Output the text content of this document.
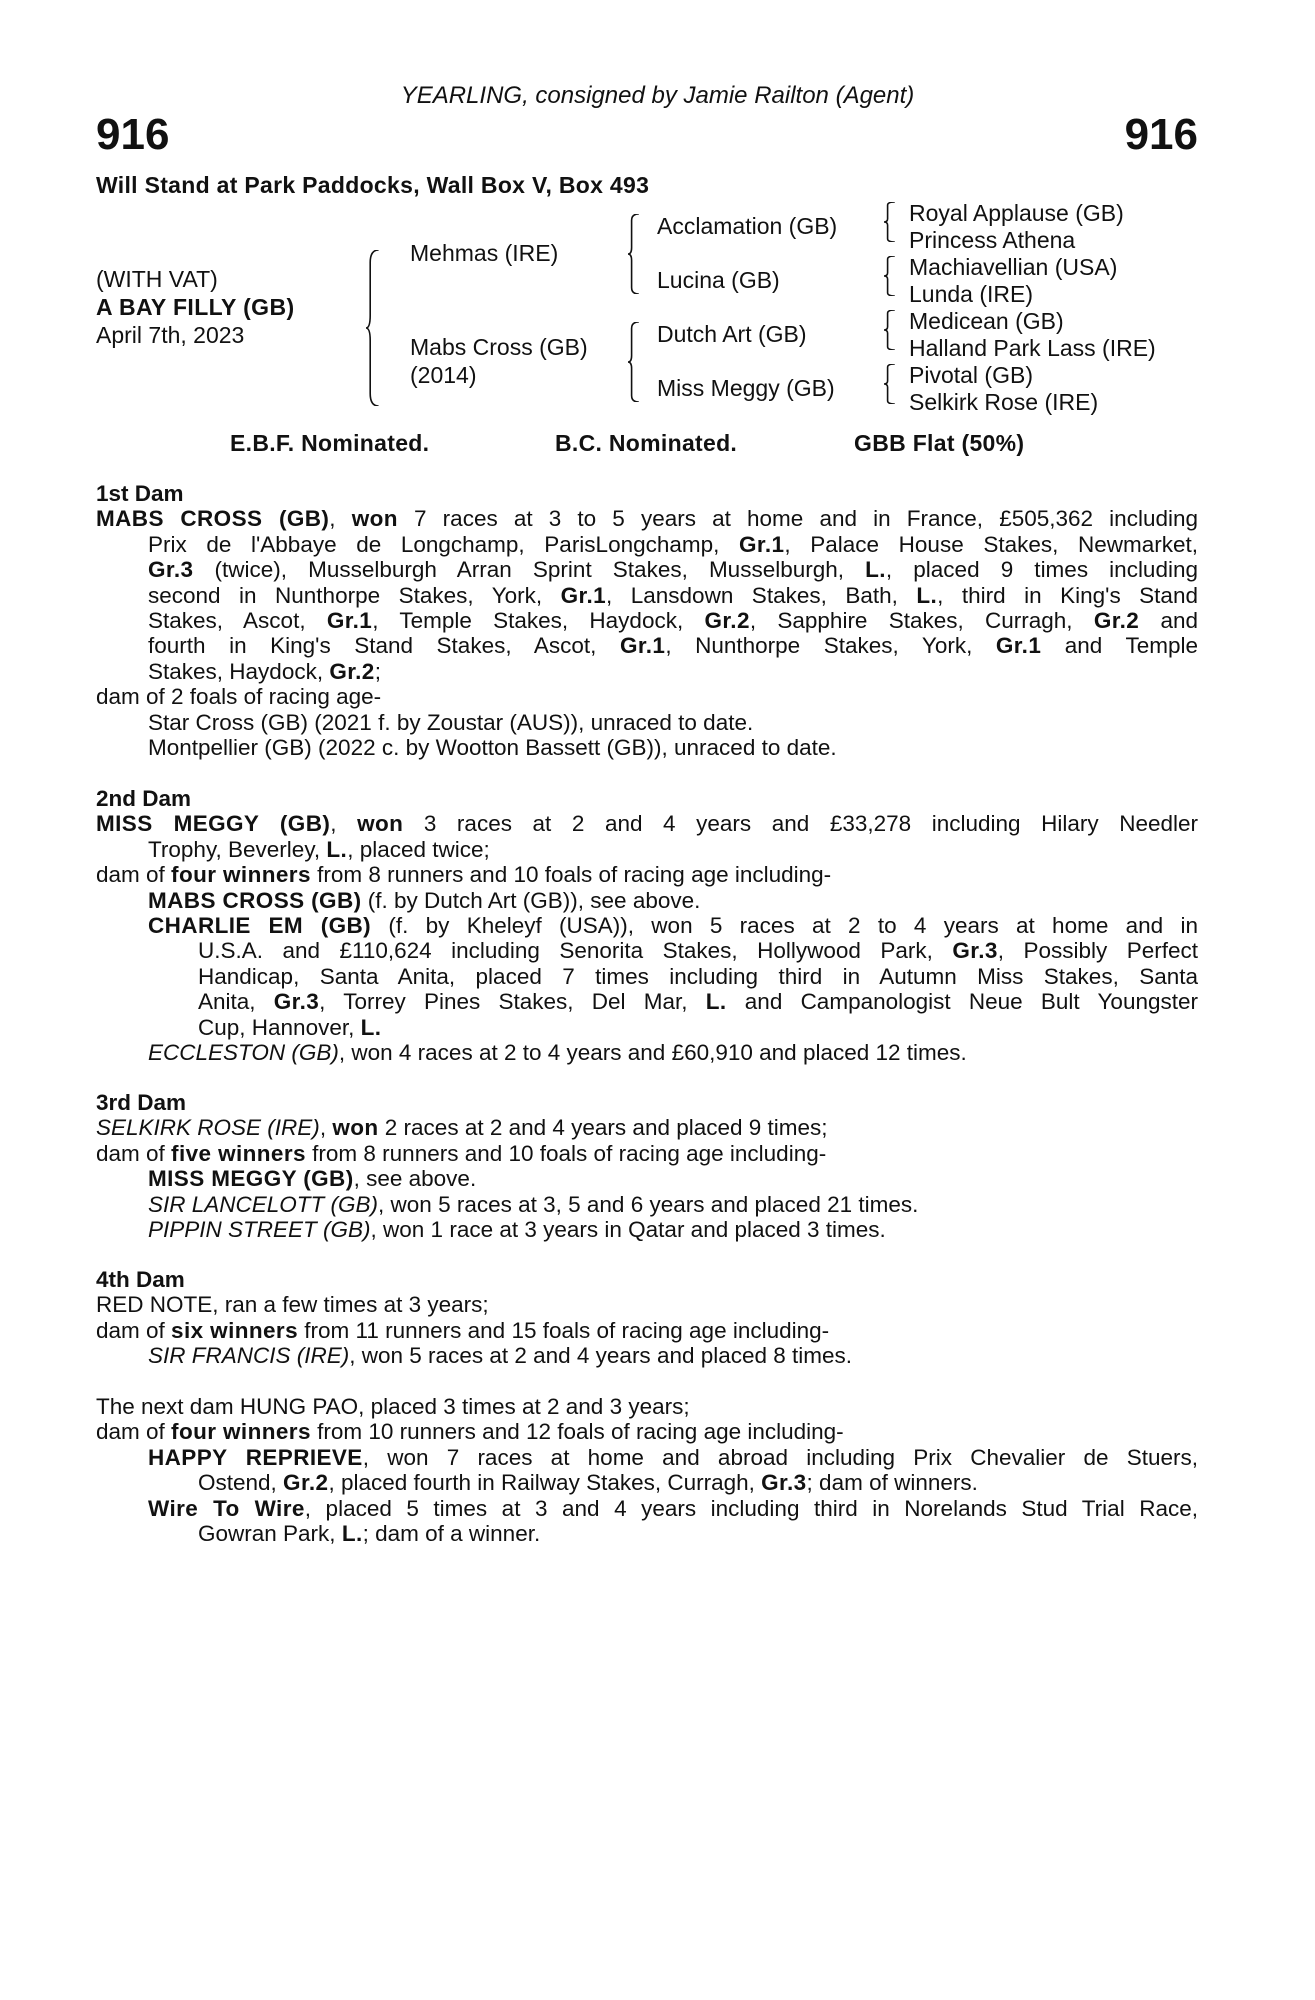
YEARLING, consigned by Jamie Railton (Agent)
916	916
Will Stand at Park Paddocks, Wall Box V, Box 493
(WITH VAT)
A BAY FILLY (GB)
April 7th, 2023
Mehmas (IRE)
Mabs Cross (GB)
(2014)
Acclamation (GB)
Lucina (GB)
Dutch Art (GB)
Miss Meggy (GB)
Royal Applause (GB)
Princess Athena
Machiavellian (USA)
Lunda (IRE)
Medicean (GB)
Halland Park Lass (IRE)
Pivotal (GB)
Selkirk Rose (IRE)
E.B.F. Nominated.	B.C. Nominated.	GBB Flat (50%)
1st Dam
MABS CROSS (GB), won 7 races at 3 to 5 years at home and in France, £505,362 including
Prix de l'Abbaye de Longchamp, ParisLongchamp, Gr.1, Palace House Stakes, Newmarket,
Gr.3 (twice), Musselburgh Arran Sprint Stakes, Musselburgh, L., placed 9 times including
second in Nunthorpe Stakes, York, Gr.1, Lansdown Stakes, Bath, L., third in King's Stand
Stakes, Ascot, Gr.1, Temple Stakes, Haydock, Gr.2, Sapphire Stakes, Curragh, Gr.2 and
fourth in King's Stand Stakes, Ascot, Gr.1, Nunthorpe Stakes, York, Gr.1 and Temple
Stakes, Haydock, Gr.2;
dam of 2 foals of racing age-
Star Cross (GB) (2021 f. by Zoustar (AUS)), unraced to date.
Montpellier (GB) (2022 c. by Wootton Bassett (GB)), unraced to date.
2nd Dam
MISS MEGGY (GB), won 3 races at 2 and 4 years and £33,278 including Hilary Needler
Trophy, Beverley, L., placed twice;
dam of four winners from 8 runners and 10 foals of racing age including-
MABS CROSS (GB) (f. by Dutch Art (GB)), see above.
CHARLIE EM (GB) (f. by Kheleyf (USA)), won 5 races at 2 to 4 years at home and in
U.S.A. and £110,624 including Senorita Stakes, Hollywood Park, Gr.3, Possibly Perfect
Handicap, Santa Anita, placed 7 times including third in Autumn Miss Stakes, Santa
Anita, Gr.3, Torrey Pines Stakes, Del Mar, L. and Campanologist Neue Bult Youngster
Cup, Hannover, L.
ECCLESTON (GB), won 4 races at 2 to 4 years and £60,910 and placed 12 times.
3rd Dam
SELKIRK ROSE (IRE), won 2 races at 2 and 4 years and placed 9 times;
dam of five winners from 8 runners and 10 foals of racing age including-
MISS MEGGY (GB), see above.
SIR LANCELOTT (GB), won 5 races at 3, 5 and 6 years and placed 21 times.
PIPPIN STREET (GB), won 1 race at 3 years in Qatar and placed 3 times.
4th Dam
RED NOTE, ran a few times at 3 years;
dam of six winners from 11 runners and 15 foals of racing age including-
SIR FRANCIS (IRE), won 5 races at 2 and 4 years and placed 8 times.
The next dam HUNG PAO, placed 3 times at 2 and 3 years;
dam of four winners from 10 runners and 12 foals of racing age including-
HAPPY REPRIEVE, won 7 races at home and abroad including Prix Chevalier de Stuers,
Ostend, Gr.2, placed fourth in Railway Stakes, Curragh, Gr.3; dam of winners.
Wire To Wire, placed 5 times at 3 and 4 years including third in Norelands Stud Trial Race,
Gowran Park, L.; dam of a winner.
